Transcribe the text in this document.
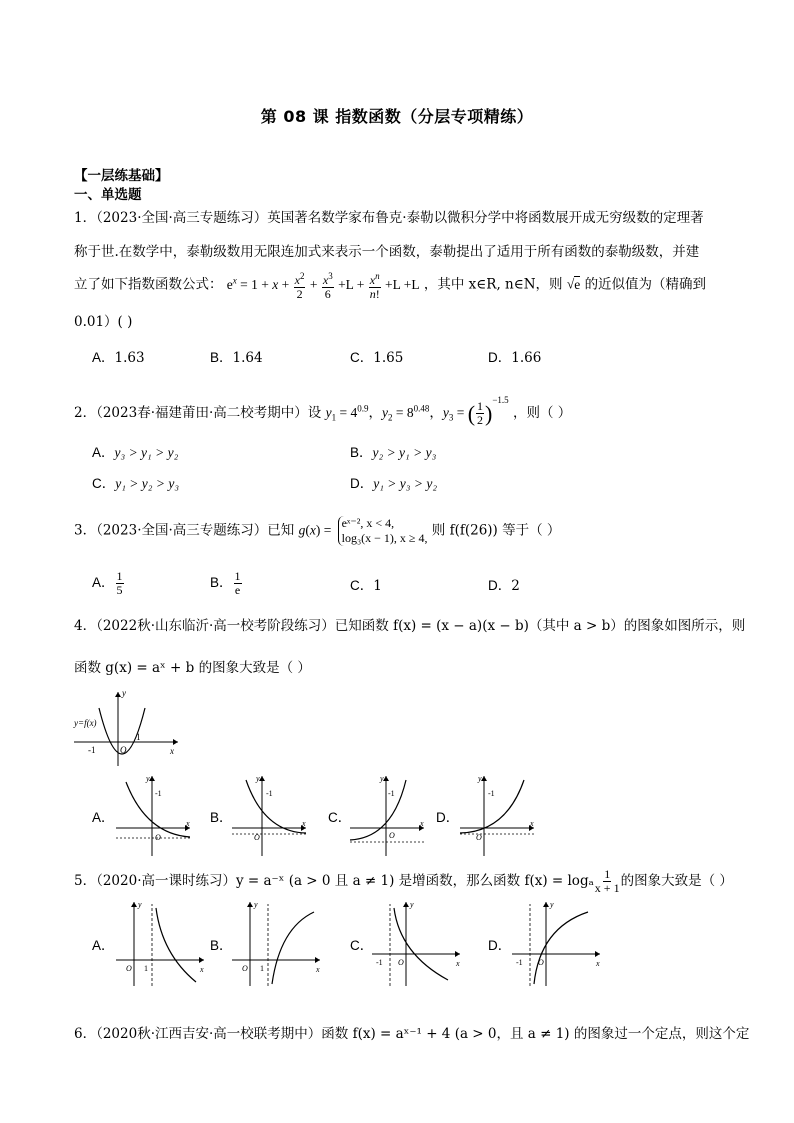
第 08 课 指数函数（分层专项精练）
【一层练基础】
一、单选题
1．（2023·全国·高三专题练习）英国著名数学家布鲁克·泰勒以微积分学中将函数展开成无穷级数的定理著
称于世.在数学中，泰勒级数用无限连加式来表示一个函数，泰勒提出了适用于所有函数的泰勒级数，并建
立了如下指数函数公式： $e^x = 1 + x + \frac{x^2}{2} + \frac{x^3}{6} +L + \frac{x^n}{n!} +L +L$ ，其中 x∈R, n∈N，则 √e 的近似值为（精确到
0.01）( )
A．1.63	B．1.64	C．1.65	D．1.66
2．（2023春·福建莆田·高二校考期中）设 $y_1 = 4^{0.9}$，$y_2 = 8^{0.48}$，$y_3$ = ( $\frac{1}{2} )^{-1.5}$ ，则（ ）
A．y₃ > y₁ > y₂	B．y₂ > y₁ > y₃
C．y₁ > y₂ > y₃	D．y₁ > y₃ > y₂
3．（2023·全国·高三专题练习）已知 g(x) = eˣ⁻², x < 4,
log₃(x − 1), x ≥ 4, 则 f(f(26)) 等于（ ）
A． $\frac{1}{5}$	B． $\frac{1}{e}$	C．1	D．2
4．（2022秋·山东临沂·高一校考阶段练习）已知函数 f(x) = (x − a)(x − b)（其中 a > b）的图象如图所示，则
函数 g(x) = aˣ + b 的图象大致是（ ）
y=f(x)
-1
1
O	x
y
A．
-1
O
x
y
B．
-1
O
x
y
C．
-1
O
x
y
D．
-1
O
x
y
5．（2020·高一课时练习）y = a⁻ˣ (a > 0 且 a ≠ 1) 是增函数，那么函数 f(x) = logₐ $\frac{1}{x + 1}$ 的图象大致是（ ）
A．
O 1	x
y
B．
O 1	x
y
C．
-1 O	x
y
D．
-1 O	x
y
6．（2020秋·江西吉安·高一校联考期中）函数 f(x) = aˣ⁻¹ + 4 (a > 0，且 a ≠ 1) 的图象过一个定点，则这个定
